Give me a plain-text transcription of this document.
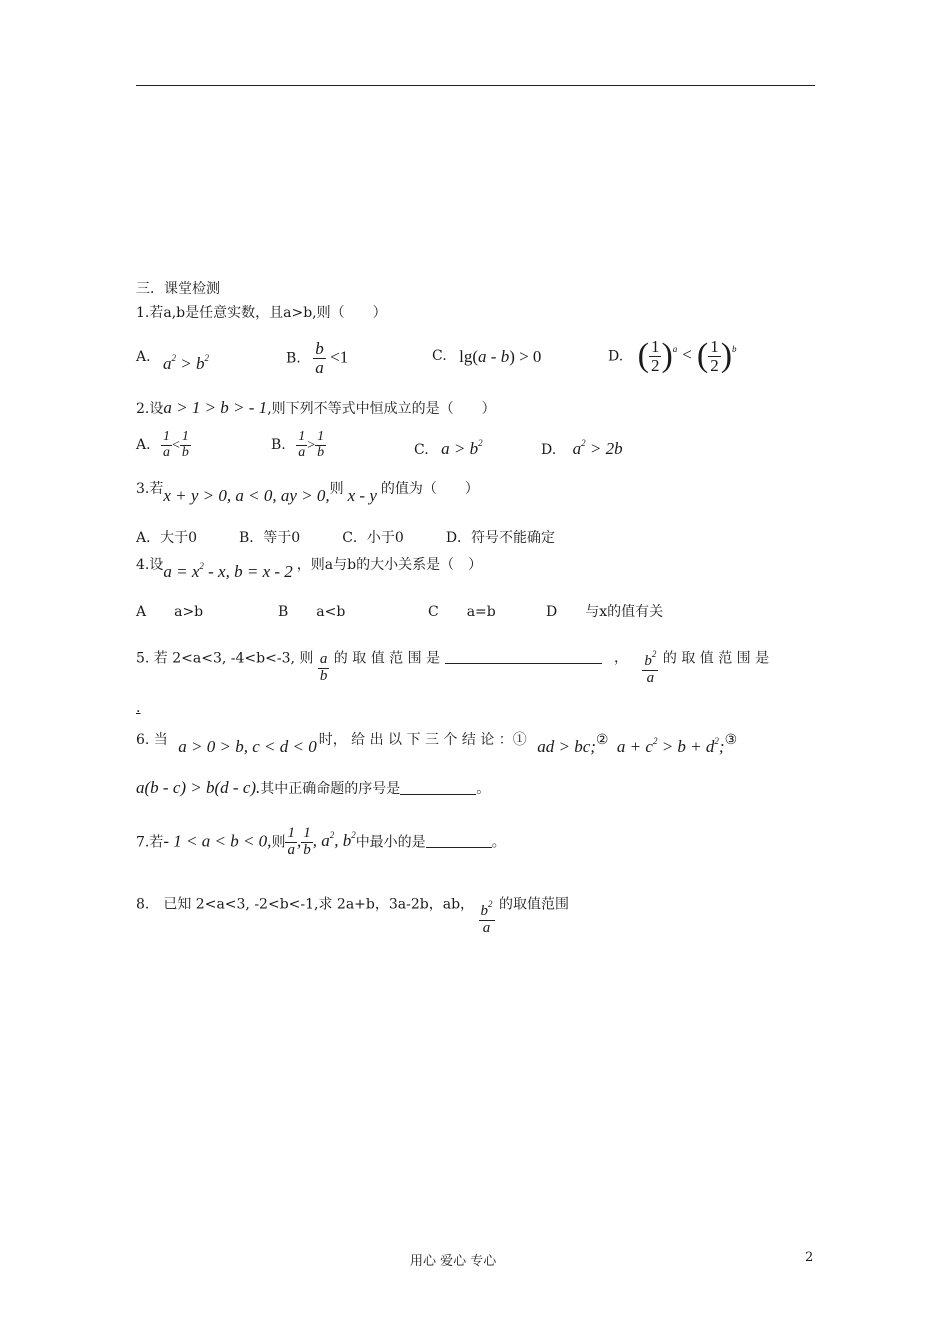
三．课堂检测
1.若a,b是任意实数，且a>b,则（　　）
A. $a^2 > b^2$	B. $\frac{b}{a} <1$	C. lg(a - b) > 0	D. ( $\frac{1}{2} )^a$ < ( $\frac{1}{2} )^b$
2.设a > 1 > b > - 1,则下列不等式中恒成立的是（　　）
A. $\frac{1}{a} < \frac{1}{b}$	B. $\frac{1}{a} > \frac{1}{b}$	C. $a > b^2$	D. $a^2 > 2b$
3.若x + y > 0, a < 0, ay > 0,则 x - y 的值为（　　）
A．大于0　　　B．等于0　　　C．小于0　　　D．符号不能确定
4.设$a = x^2 - x$, b = x - 2 ，则a与b的大小关系是（　）
A　　a>b	B　　a<b	C　　a=b	D　　与x的值有关
5. 若 2<a<3, -4<b<-3, 则 $\frac{a}{b}$ 的 取 值 范 围 是	， $\frac{b^2}{a}$ 的 取 值 范 围 是
.
6. 当 a > 0 > b, c < d < 0 时， 给 出 以 下 三 个 结 论 ：① ad > bc;② $a + c^2 > b$ + $d^2;③$
a(b - c) > b(d - c).其中正确命题的序号是	。
7.若- 1 < a < b < 0,则 $\frac{1}{a}$ , $\frac{1}{b}$ , $a^2$, $b^2$中最小的是	。
8.　已知 2<a<3, -2<b<-1,求 2a+b，3a-2b，ab， $\frac{b^2}{a}$ 的取值范围
用心 爱心 专心	2
